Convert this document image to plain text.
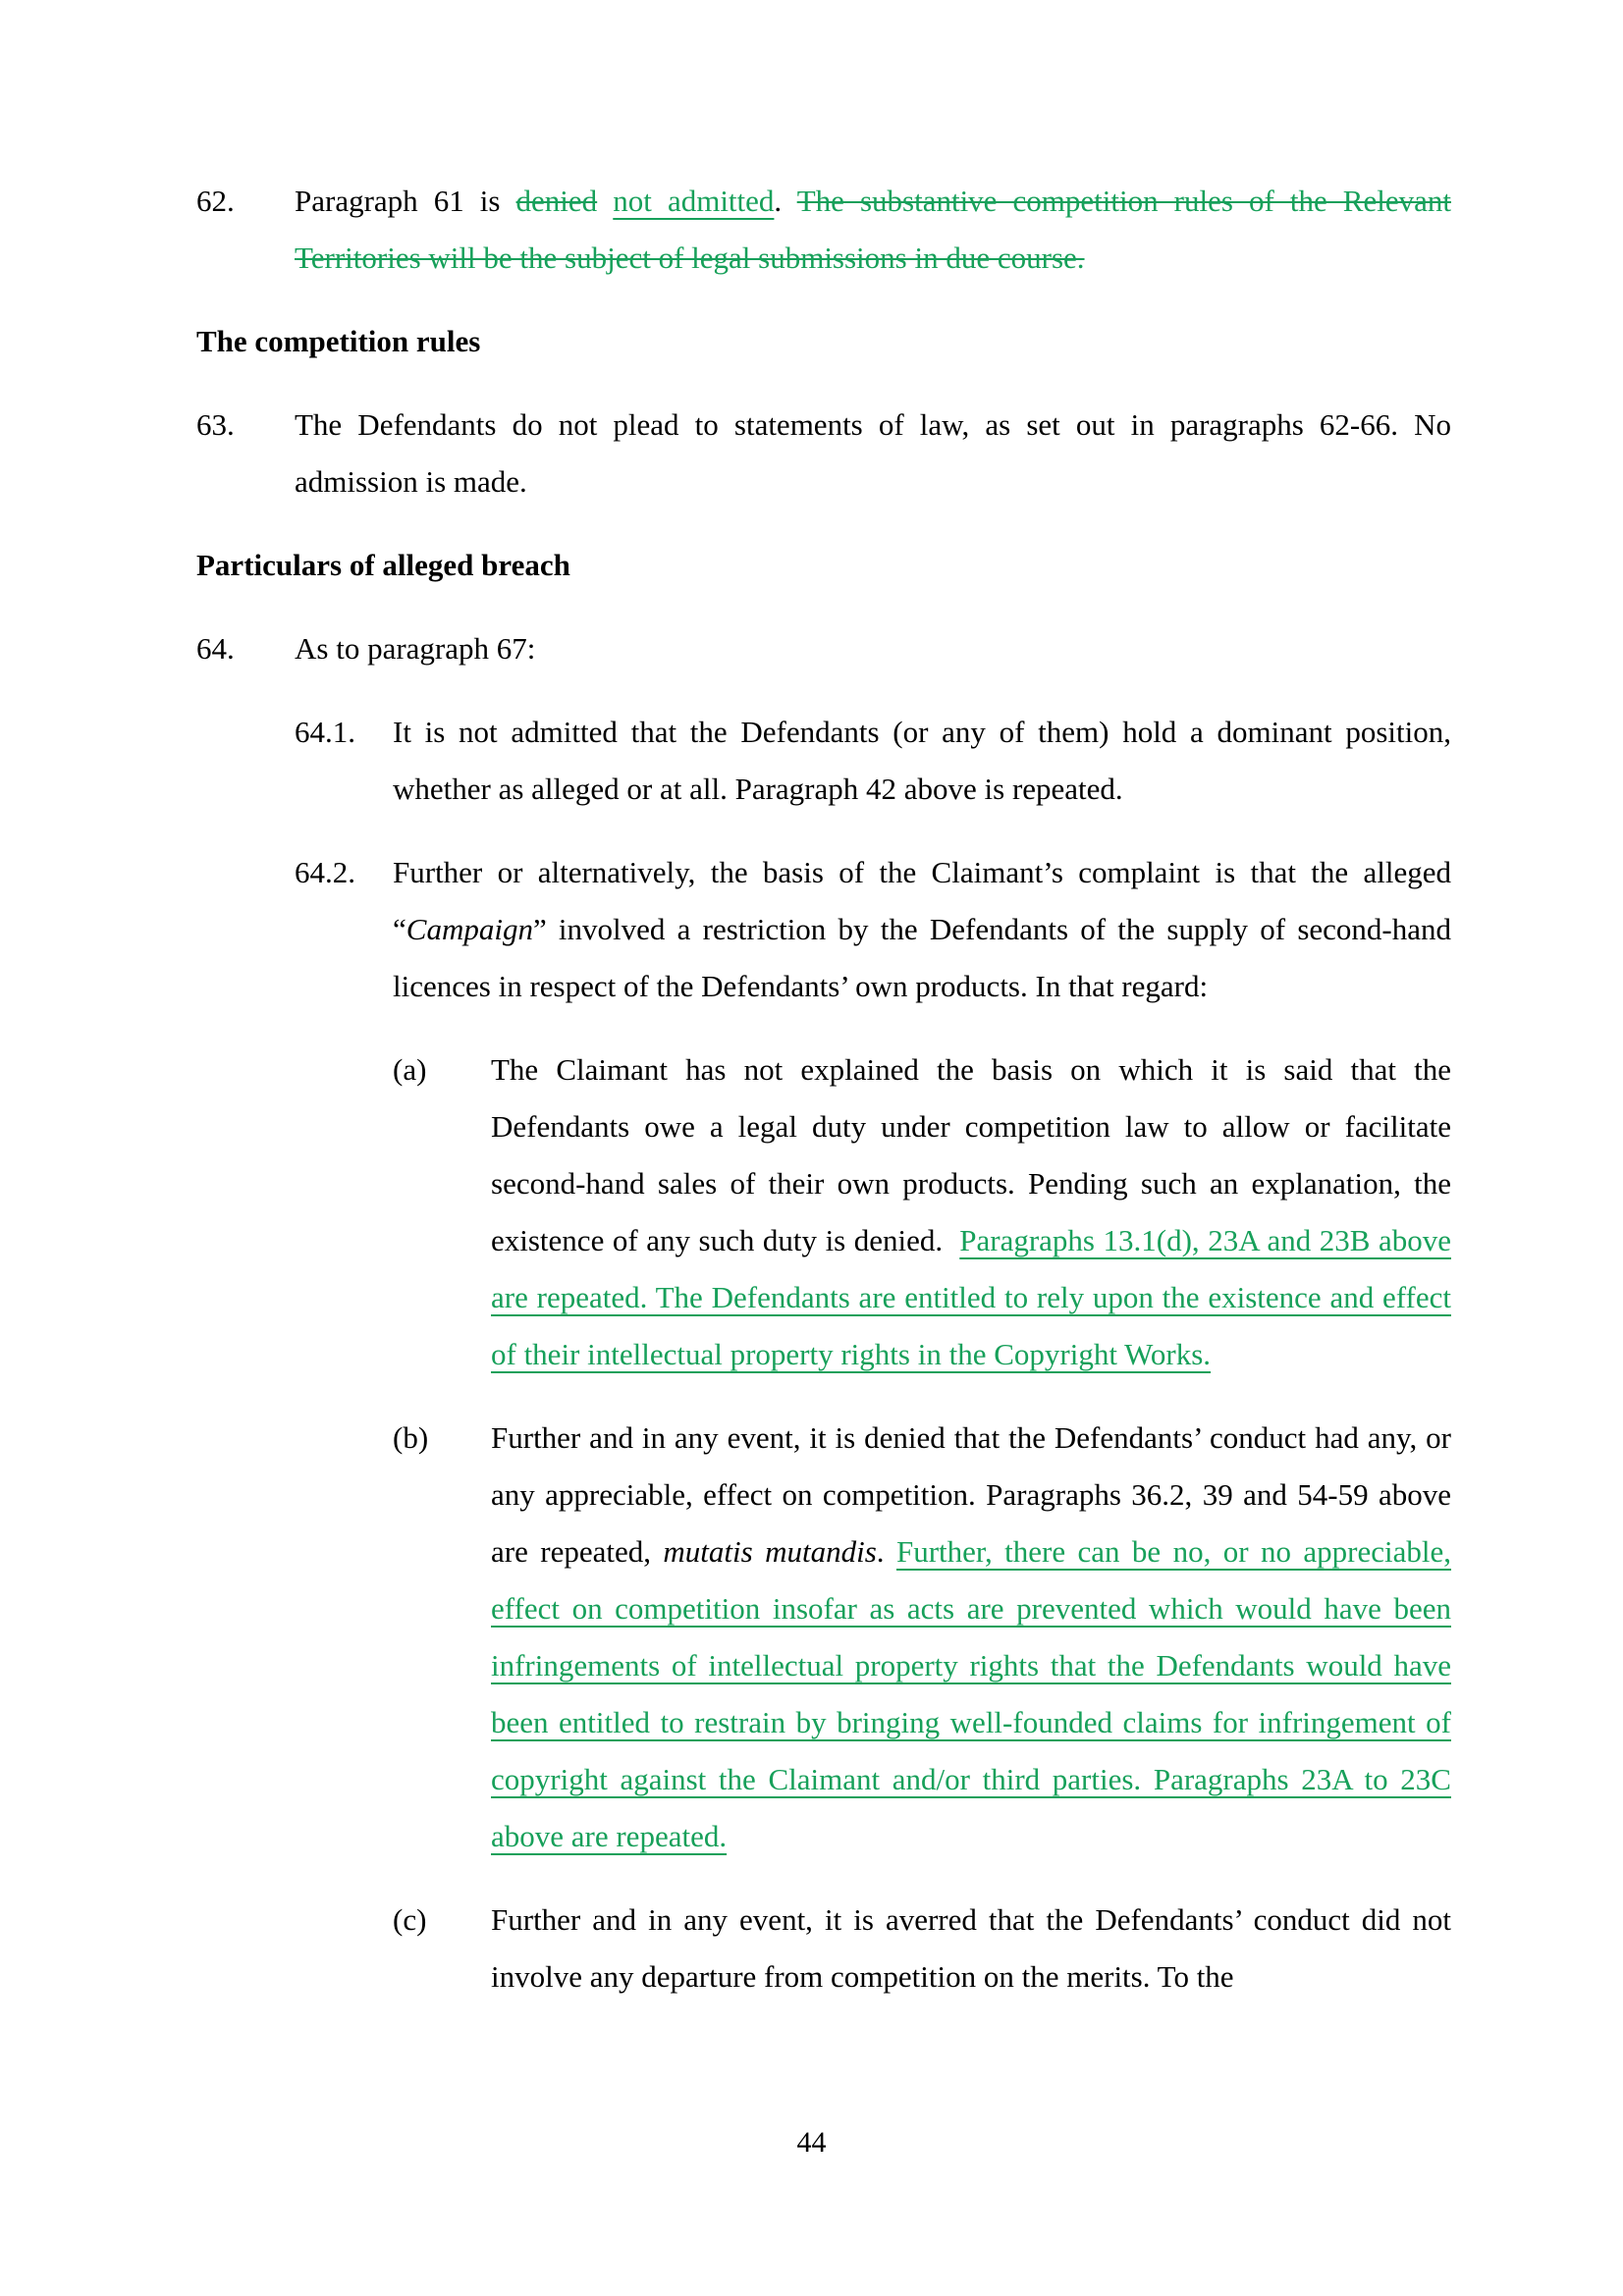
62. Paragraph 61 is denied not admitted. The substantive competition rules of the Relevant Territories will be the subject of legal submissions in due course.
The competition rules
63. The Defendants do not plead to statements of law, as set out in paragraphs 62-66. No admission is made.
Particulars of alleged breach
64. As to paragraph 67:
64.1. It is not admitted that the Defendants (or any of them) hold a dominant position, whether as alleged or at all. Paragraph 42 above is repeated.
64.2. Further or alternatively, the basis of the Claimant’s complaint is that the alleged “Campaign” involved a restriction by the Defendants of the supply of second-hand licences in respect of the Defendants’ own products. In that regard:
(a) The Claimant has not explained the basis on which it is said that the Defendants owe a legal duty under competition law to allow or facilitate second-hand sales of their own products. Pending such an explanation, the existence of any such duty is denied.  Paragraphs 13.1(d), 23A and 23B above are repeated. The Defendants are entitled to rely upon the existence and effect of their intellectual property rights in the Copyright Works.
(b) Further and in any event, it is denied that the Defendants’ conduct had any, or any appreciable, effect on competition. Paragraphs 36.2, 39 and 54-59 above are repeated, mutatis mutandis. Further, there can be no, or no appreciable, effect on competition insofar as acts are prevented which would have been infringements of intellectual property rights that the Defendants would have been entitled to restrain by bringing well-founded claims for infringement of copyright against the Claimant and/or third parties. Paragraphs 23A to 23C above are repeated.
(c) Further and in any event, it is averred that the Defendants’ conduct did not involve any departure from competition on the merits. To the
44
